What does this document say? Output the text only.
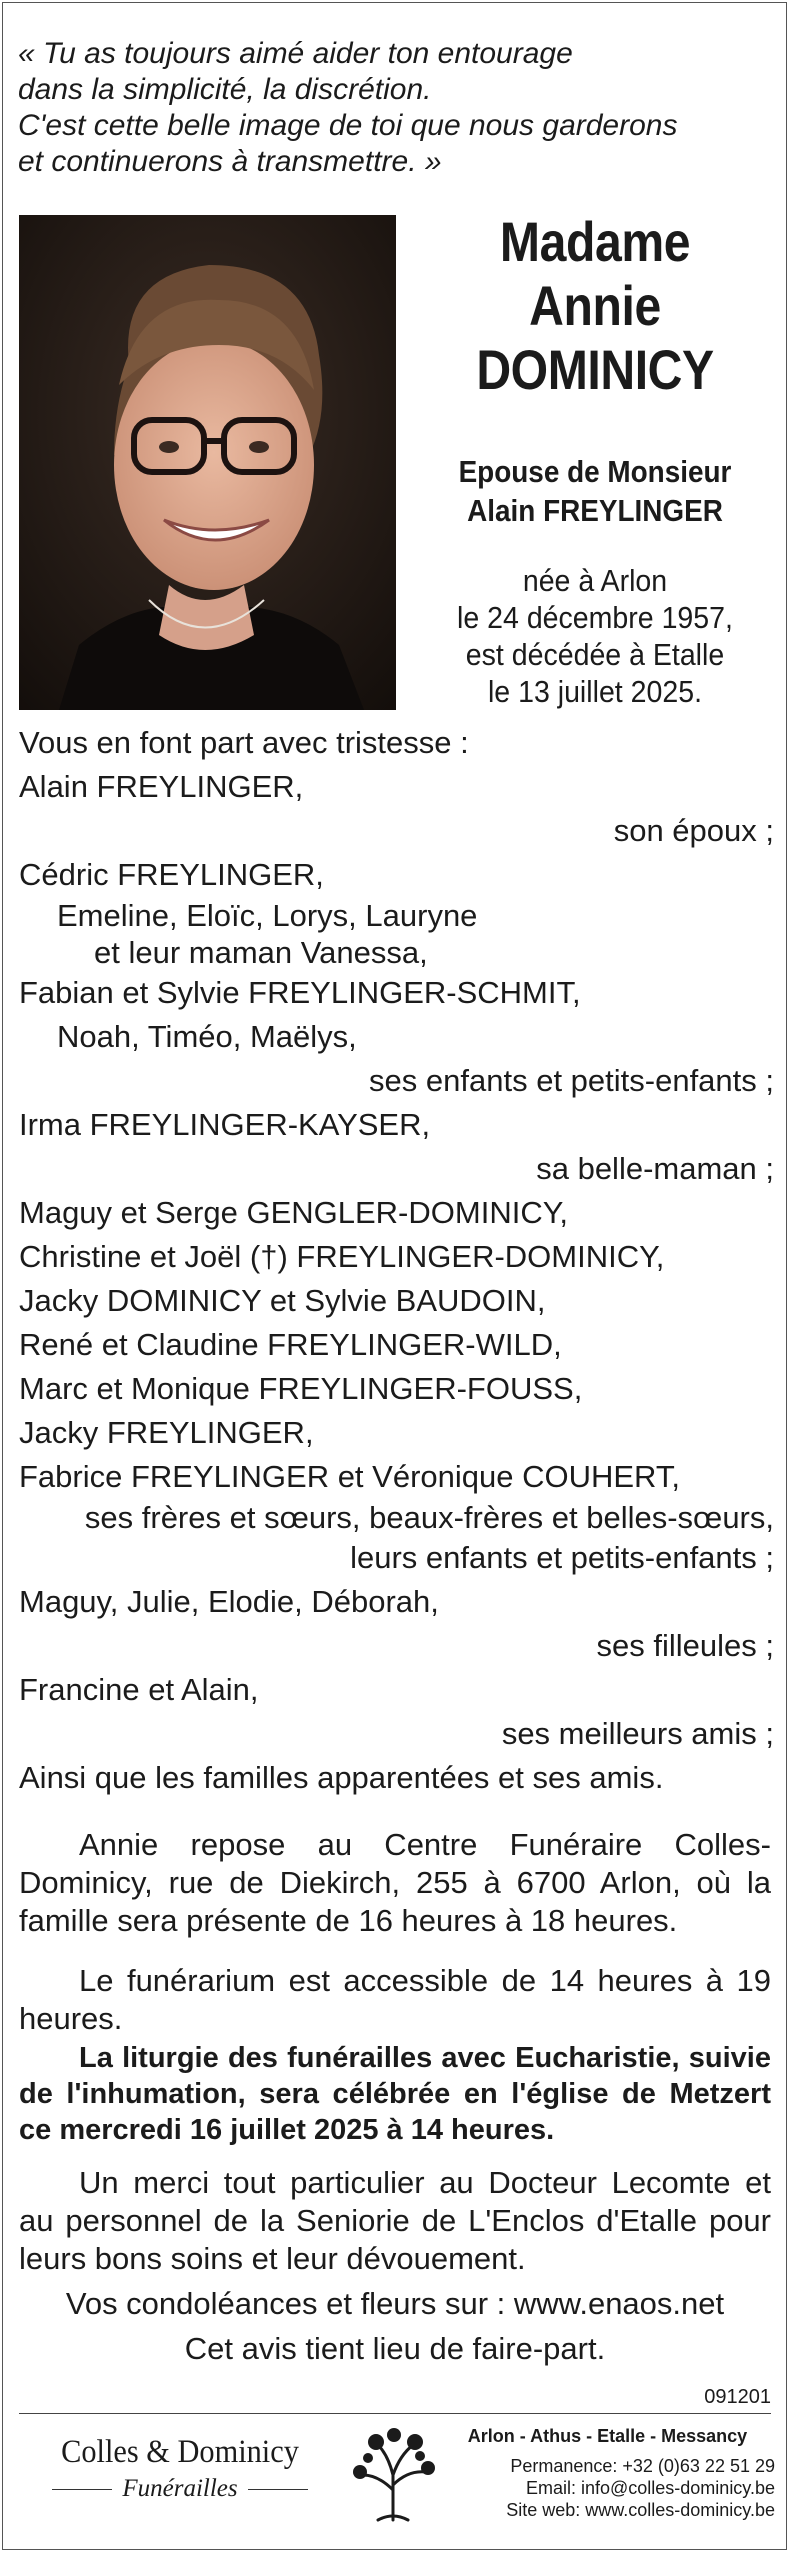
« Tu as toujours aimé aider ton entourage
dans la simplicité, la discrétion.
C'est cette belle image de toi que nous garderons
et continuerons à transmettre. »
Madame
Annie
DOMINICY
Epouse de Monsieur
Alain FREYLINGER
née à Arlon
le 24 décembre 1957,
est décédée à Etalle
le 13 juillet 2025.
Vous en font part avec tristesse :
Alain FREYLINGER,
son époux ;
Cédric FREYLINGER,
Emeline, Eloïc, Lorys, Lauryne
et leur maman Vanessa,
Fabian et Sylvie FREYLINGER-SCHMIT,
Noah, Timéo, Maëlys,
ses enfants et petits-enfants ;
Irma FREYLINGER-KAYSER,
sa belle-maman ;
Maguy et Serge GENGLER-DOMINICY,
Christine et Joël (†) FREYLINGER-DOMINICY,
Jacky DOMINICY et Sylvie BAUDOIN,
René et Claudine FREYLINGER-WILD,
Marc et Monique FREYLINGER-FOUSS,
Jacky FREYLINGER,
Fabrice FREYLINGER et Véronique COUHERT,
ses frères et sœurs, beaux-frères et belles-sœurs,
leurs enfants et petits-enfants ;
Maguy, Julie, Elodie, Déborah,
ses filleules ;
Francine et Alain,
ses meilleurs amis ;
Ainsi que les familles apparentées et ses amis.
Annie repose au Centre Funéraire Colles-Dominicy, rue de Diekirch, 255 à 6700 Arlon, où la famille sera présente de 16 heures à 18 heures.
Le funérarium est accessible de 14 heures à 19 heures.
La liturgie des funérailles avec Eucharistie, suivie de l'inhumation, sera célébrée en l'église de Metzert ce mercredi 16 juillet 2025 à 14 heures.
Un merci tout particulier au Docteur Lecomte et au personnel de la Seniorie de L'Enclos d'Etalle pour leurs bons soins et leur dévouement.
Vos condoléances et fleurs sur : www.enaos.net
Cet avis tient lieu de faire-part.
091201
Colles & Dominicy
Funérailles
Arlon - Athus - Etalle - Messancy
Permanence: +32 (0)63 22 51 29
Email: info@colles-dominicy.be
Site web: www.colles-dominicy.be
